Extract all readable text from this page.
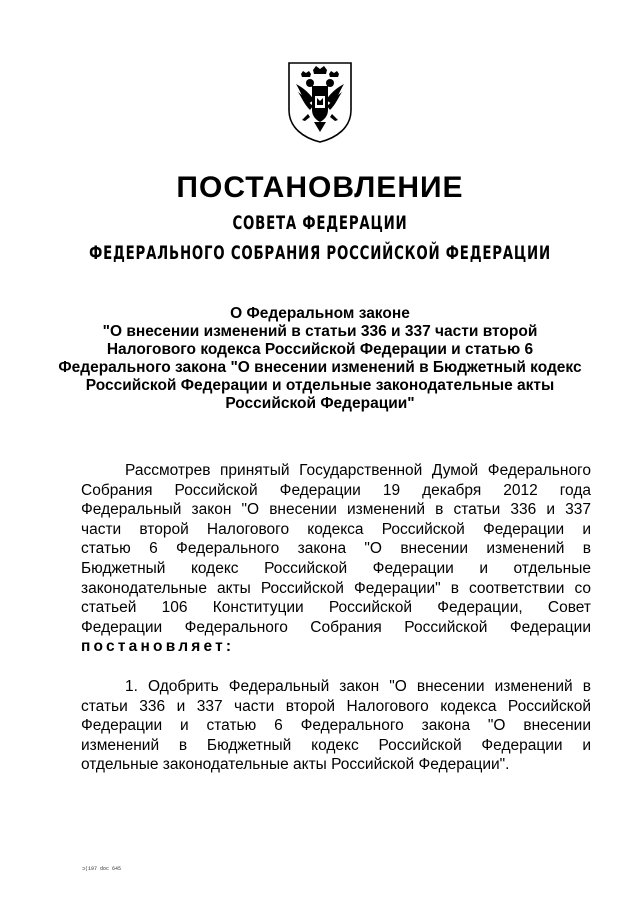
ПОСТАНОВЛЕНИЕ
СОВЕТА ФЕДЕРАЦИИ
ФЕДЕРАЛЬНОГО СОБРАНИЯ РОССИЙСКОЙ ФЕДЕРАЦИИ
О Федеральном законе
"О внесении изменений в статьи 336 и 337 части второй
Налогового кодекса Российской Федерации и статью 6
Федерального закона "О внесении изменений в Бюджетный кодекс
Российской Федерации и отдельные законодательные акты
Российской Федерации"
Рассмотрев принятый Государственной Думой Федерального
Собрания Российской Федерации 19 декабря 2012 года
Федеральный закон "О внесении изменений в статьи 336 и 337
части второй Налогового кодекса Российской Федерации и
статью 6 Федерального закона "О внесении изменений в
Бюджетный кодекс Российской Федерации и отдельные
законодательные акты Российской Федерации" в соответствии со
статьей 106 Конституции Российской Федерации, Совет
Федерации Федерального Собрания Российской Федерации
постановляет:
1. Одобрить Федеральный закон "О внесении изменений в
статьи 336 и 337 части второй Налогового кодекса Российской
Федерации и статью 6 Федерального закона "О внесении
изменений в Бюджетный кодекс Российской Федерации и
отдельные законодательные акты Российской Федерации".
ɔ(197 doc 645
